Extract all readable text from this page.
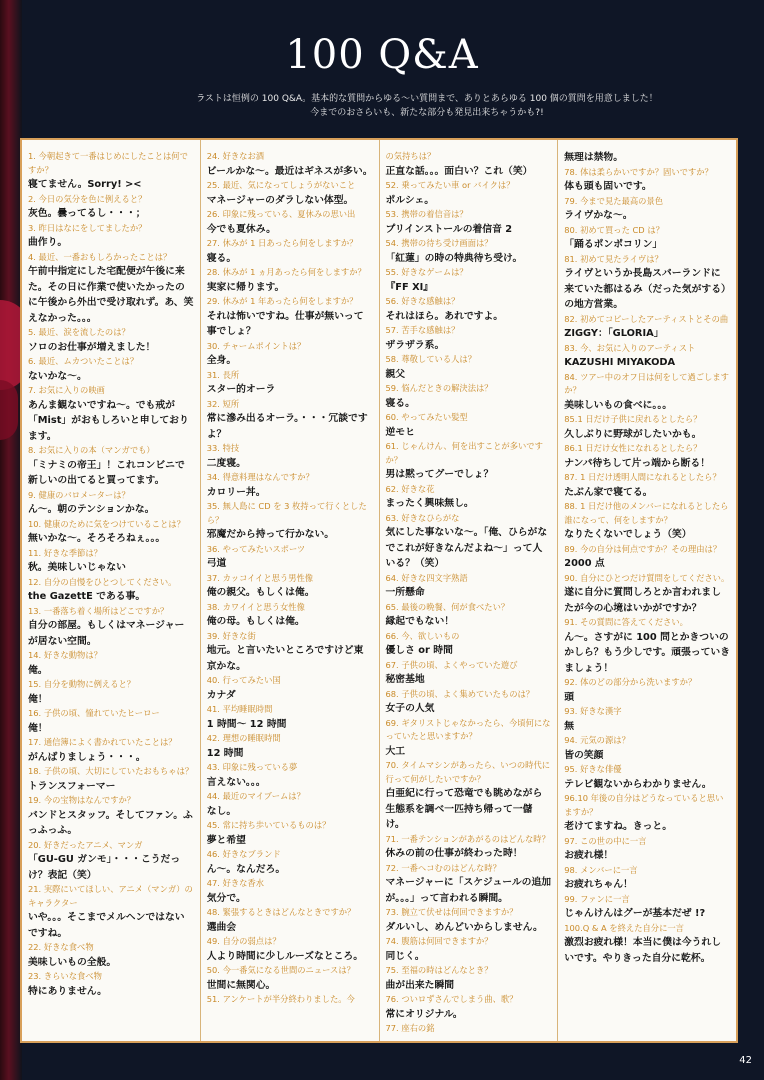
100 Q&A
ラストは恒例の 100 Q&A。基本的な質問からゆる～い質問まで、ありとあらゆる 100 個の質問を用意しました！
今までのおさらいも、新たな部分も発見出来ちゃうかも?!
1. 今朝起きて一番はじめにしたことは何ですか？
寝てません。Sorry! ><
2. 今日の気分を色に例えると？
灰色。曇ってるし・・・；
3. 昨日はなにをしてましたか？
曲作り。
4. 最近、一番おもしろかったことは？
午前中指定にした宅配便が午後に来た。その日に作業で使いたかったのに午後から外出で受け取れず。あ、笑えなかった。。。
5. 最近、涙を流したのは？
ソロのお仕事が増えました！
6. 最近、ムカついたことは？
ないかな～。
7. お気に入りの映画
あんま観ないですね～。でも戒が「Mist」がおもしろいと申しております。
8. お気に入りの本（マンガでも）
「ミナミの帝王」！これコンビニで新しいの出てると買ってます。
9. 健康のバロメーターは？
ん～。朝のテンションかな。
10. 健康のために気をつけていることは？
無いかな～。そろそろねぇ。。。
11. 好きな季節は？
秋。美味しいじゃない
12. 自分の自慢をひとつしてください。
the GazettE である事。
13. 一番落ち着く場所はどこですか？
自分の部屋。もしくはマネージャーが居ない空間。
14. 好きな動物は？
俺。
15. 自分を動物に例えると？
俺！
16. 子供の頃、憧れていたヒーロー
俺！
17. 通信簿によく書かれていたことは？
がんばりましょう・・・。
18. 子供の頃、大切にしていたおもちゃは？
トランスフォーマー
19. 今の宝物はなんですか？
バンドとスタッフ。そしてファン。ふっふっふ。
20. 好きだったアニメ、マンガ
「GU-GU ガンモ」・・・こうだっけ？表記（笑）
21. 実際にいてほしい、アニメ（マンガ）のキャラクター
いや。。。そこまでメルヘンではないですね。
22. 好きな食べ物
美味しいもの全般。
23. きらいな食べ物
特にありません。
24. 好きなお酒
ビールかな～。最近はギネスが多い。
25. 最近、気になってしょうがないこと
マネージャーのダラしない体型。
26. 印象に残っている、夏休みの思い出
今でも夏休み。
27. 休みが 1 日あったら何をしますか？
寝る。
28. 休みが 1 ヵ月あったら何をしますか？
実家に帰ります。
29. 休みが 1 年あったら何をしますか？
それは怖いですね。仕事が無いって事でしょ？
30. チャームポイントは？
全身。
31. 長所
スター的オーラ
32. 短所
常に滲み出るオーラ。・・・冗談ですよ？
33. 特技
二度寝。
34. 得意料理はなんですか？
カロリー丼。
35. 無人島に CD を 3 枚持って行くとしたら？
邪魔だから持って行かない。
36. やってみたいスポーツ
弓道
37. カッコイイと思う男性像
俺の親父。もしくは俺。
38. カワイイと思う女性像
俺の母。もしくは俺。
39. 好きな街
地元。と言いたいところですけど東京かな。
40. 行ってみたい国
カナダ
41. 平均睡眠時間
1 時間～ 12 時間
42. 理想の睡眠時間
12 時間
43. 印象に残っている夢
言えない。。。
44. 最近のマイブームは？
なし。
45. 常に持ち歩いているものは？
夢と希望
46. 好きなブランド
ん～。なんだろ。
47. 好きな香水
気分で。
48. 緊張するときはどんなときですか？
選曲会
49. 自分の弱点は？
人より時間に少しルーズなところ。
50. 今一番気になる世間のニュースは？
世間に無関心。
51. アンケートが半分終わりました。今
の気持ちは？
正直な話。。。面白い？これ（笑）
52. 乗ってみたい車 or バイクは？
ポルシェ。
53. 携帯の着信音は？
プリインストールの着信音 2
54. 携帯の待ち受け画面は？
「紅蓮」の時の特典待ち受け。
55. 好きなゲームは？
『FF XI』
56. 好きな感触は？
それはほら。あれですよ。
57. 苦手な感触は？
ザラザラ系。
58. 尊敬している人は？
親父
59. 悩んだときの解決法は？
寝る。
60. やってみたい髪型
逆モヒ
61. じゃんけん、何を出すことが多いですか？
男は黙ってグーでしょ？
62. 好きな花
まったく興味無し。
63. 好きなひらがな
気にした事ないな～。「俺、ひらがなでこれが好きなんだよね～」って人いる？（笑）
64. 好きな四文字熟語
一所懸命
65. 最後の晩餐、何が食べたい？
縁起でもない！
66. 今、欲しいもの
優しさ or 時間
67. 子供の頃、よくやっていた遊び
秘密基地
68. 子供の頃、よく集めていたものは？
女子の人気
69. ギタリストじゃなかったら、今頃何になっていたと思いますか？
大工
70. タイムマシンがあったら、いつの時代に行って何がしたいですか？
白亜紀に行って恐竜でも眺めながら生態系を調べ一匹持ち帰って一儲け。
71. 一番テンションがあがるのはどんな時？
休みの前の仕事が終わった時！
72. 一番ヘコむのはどんな時？
マネージャーに「スケジュールの追加が。。。」って言われる瞬間。
73. 腕立て伏せは何回できますか？
ダルいし、めんどいからしません。
74. 腹筋は何回できますか？
同じく。
75. 至福の時はどんなとき？
曲が出来た瞬間
76. ついロずさんでしまう曲、歌？
常にオリジナル。
77. 座右の銘
無理は禁物。
78. 体は柔らかいですか？固いですか？
体も頭も固いです。
79. 今まで見た最高の景色
ライヴかな～。
80. 初めて買った CD は？
「踊るポンポコリン」
81. 初めて見たライヴは？
ライヴというか長島スパーランドに来ていた都はるみ（だった気がする）の地方営業。
82. 初めてコピーしたアーティストとその曲
ZIGGY：「GLORIA」
83. 今、お気に入りのアーティスト
KAZUSHI MIYAKODA
84. ツアー中のオフ日は何をして過ごしますか？
美味しいもの食べに。。。
85.1 日だけ子供に戻れるとしたら？
久しぶりに野球がしたいかも。
86.1 日だけ女性になれるとしたら？
ナンパ待ちして片っ端から断る！
87. 1 日だけ透明人間になれるとしたら？
たぶん家で寝てる。
88. 1 日だけ他のメンバーになれるとしたら誰になって、何をしますか？
なりたくないでしょう（笑）
89. 今の自分は何点ですか？その理由は？
2000 点
90. 自分にひとつだけ質問をしてください。
遂に自分に質問しろとか言われましたが今の心境はいかがですか？
91. その質問に答えてください。
ん～。さすがに 100 問とかきついのかしら？もう少しです。頑張っていきましょう！
92. 体のどの部分から洗いますか？
頭
93. 好きな漢字
無
94. 元気の源は？
皆の笑顔
95. 好きな俳優
テレビ観ないからわかりません。
96.10 年後の自分はどうなっていると思いますか？
老けてますね。きっと。
97. この世の中に一言
お疲れ様！
98. メンバーに一言
お疲れちゃん！
99. ファンに一言
じゃんけんはグーが基本だぜ !?
100.Q & A を終えた自分に一言
激烈お疲れ様！本当に僕は今うれしいです。やりきった自分に乾杯。
42
